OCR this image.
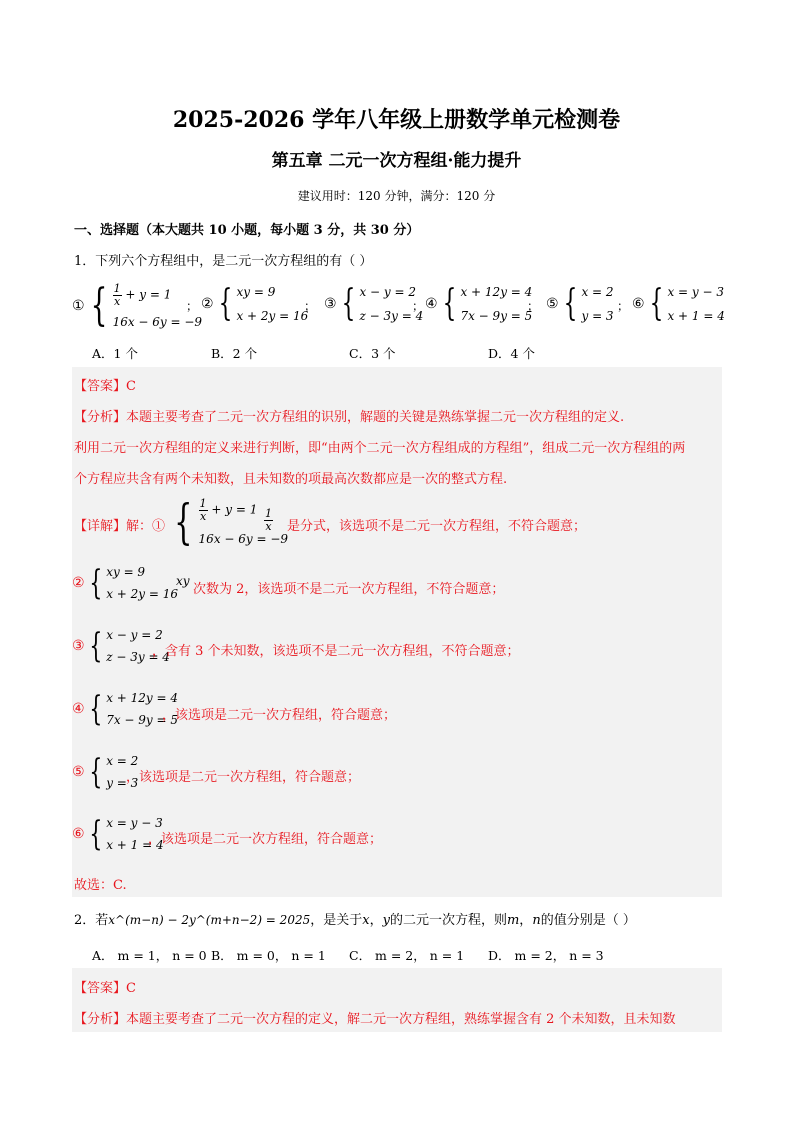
2025-2026 学年八年级上册数学单元检测卷
第五章 二元一次方程组·能力提升
建议用时：120 分钟，满分：120 分
一、选择题（本大题共 10 小题，每小题 3 分，共 30 分）
1．下列六个方程组中，是二元一次方程组的有（ ）
① { $\frac{1}{x} + y = 1$
16x − 6y = −9
； ② { xy = 9
x + 2y = 16
； ③ { x − y = 2
z − 3y = 4
； ④ { x + 12y = 4
7x − 9y = 5
； ⑤ { x = 2
y = 3
； ⑥ { x = y − 3
x + 1 = 4
A．1 个	B．2 个	C．3 个	D．4 个
【答案】C
【分析】本题主要考查了二元一次方程组的识别，解题的关键是熟练掌握二元一次方程组的定义.
利用二元一次方程组的定义来进行判断，即“由两个二元一次方程组成的方程组”，组成二元一次方程组的两
个方程应共含有两个未知数，且未知数的项最高次数都应是一次的整式方程.
【详解】解：① { $\frac{1}{x} + y = 1$
16x − 6y = −9
$\frac{1}{x}$ 是分式，该选项不是二元一次方程组，不符合题意；
② { xy = 9
x + 2y = 16
xy
次数为 2，该选项不是二元一次方程组，不符合题意；
③ { x − y = 2
z − 3y = 4
，含有 3 个未知数，该选项不是二元一次方程组，不符合题意；
④ { x + 12y = 4
7x − 9y = 5
，该选项是二元一次方程组，符合题意；
⑤ { x = 2
y = 3
，该选项是二元一次方程组，符合题意；
⑥ { x = y − 3
x + 1 = 4
，该选项是二元一次方程组，符合题意；
故选：C.
2．若x^(m−n) − 2y^(m+n−2) = 2025，是关于x，y的二元一次方程，则m，n的值分别是（ ）
A． m = 1， n = 0 B． m = 0， n = 1 C． m = 2， n = 1 D． m = 2， n = 3
【答案】C
【分析】本题主要考查了二元一次方程的定义，解二元一次方程组，熟练掌握含有 2 个未知数，且未知数
